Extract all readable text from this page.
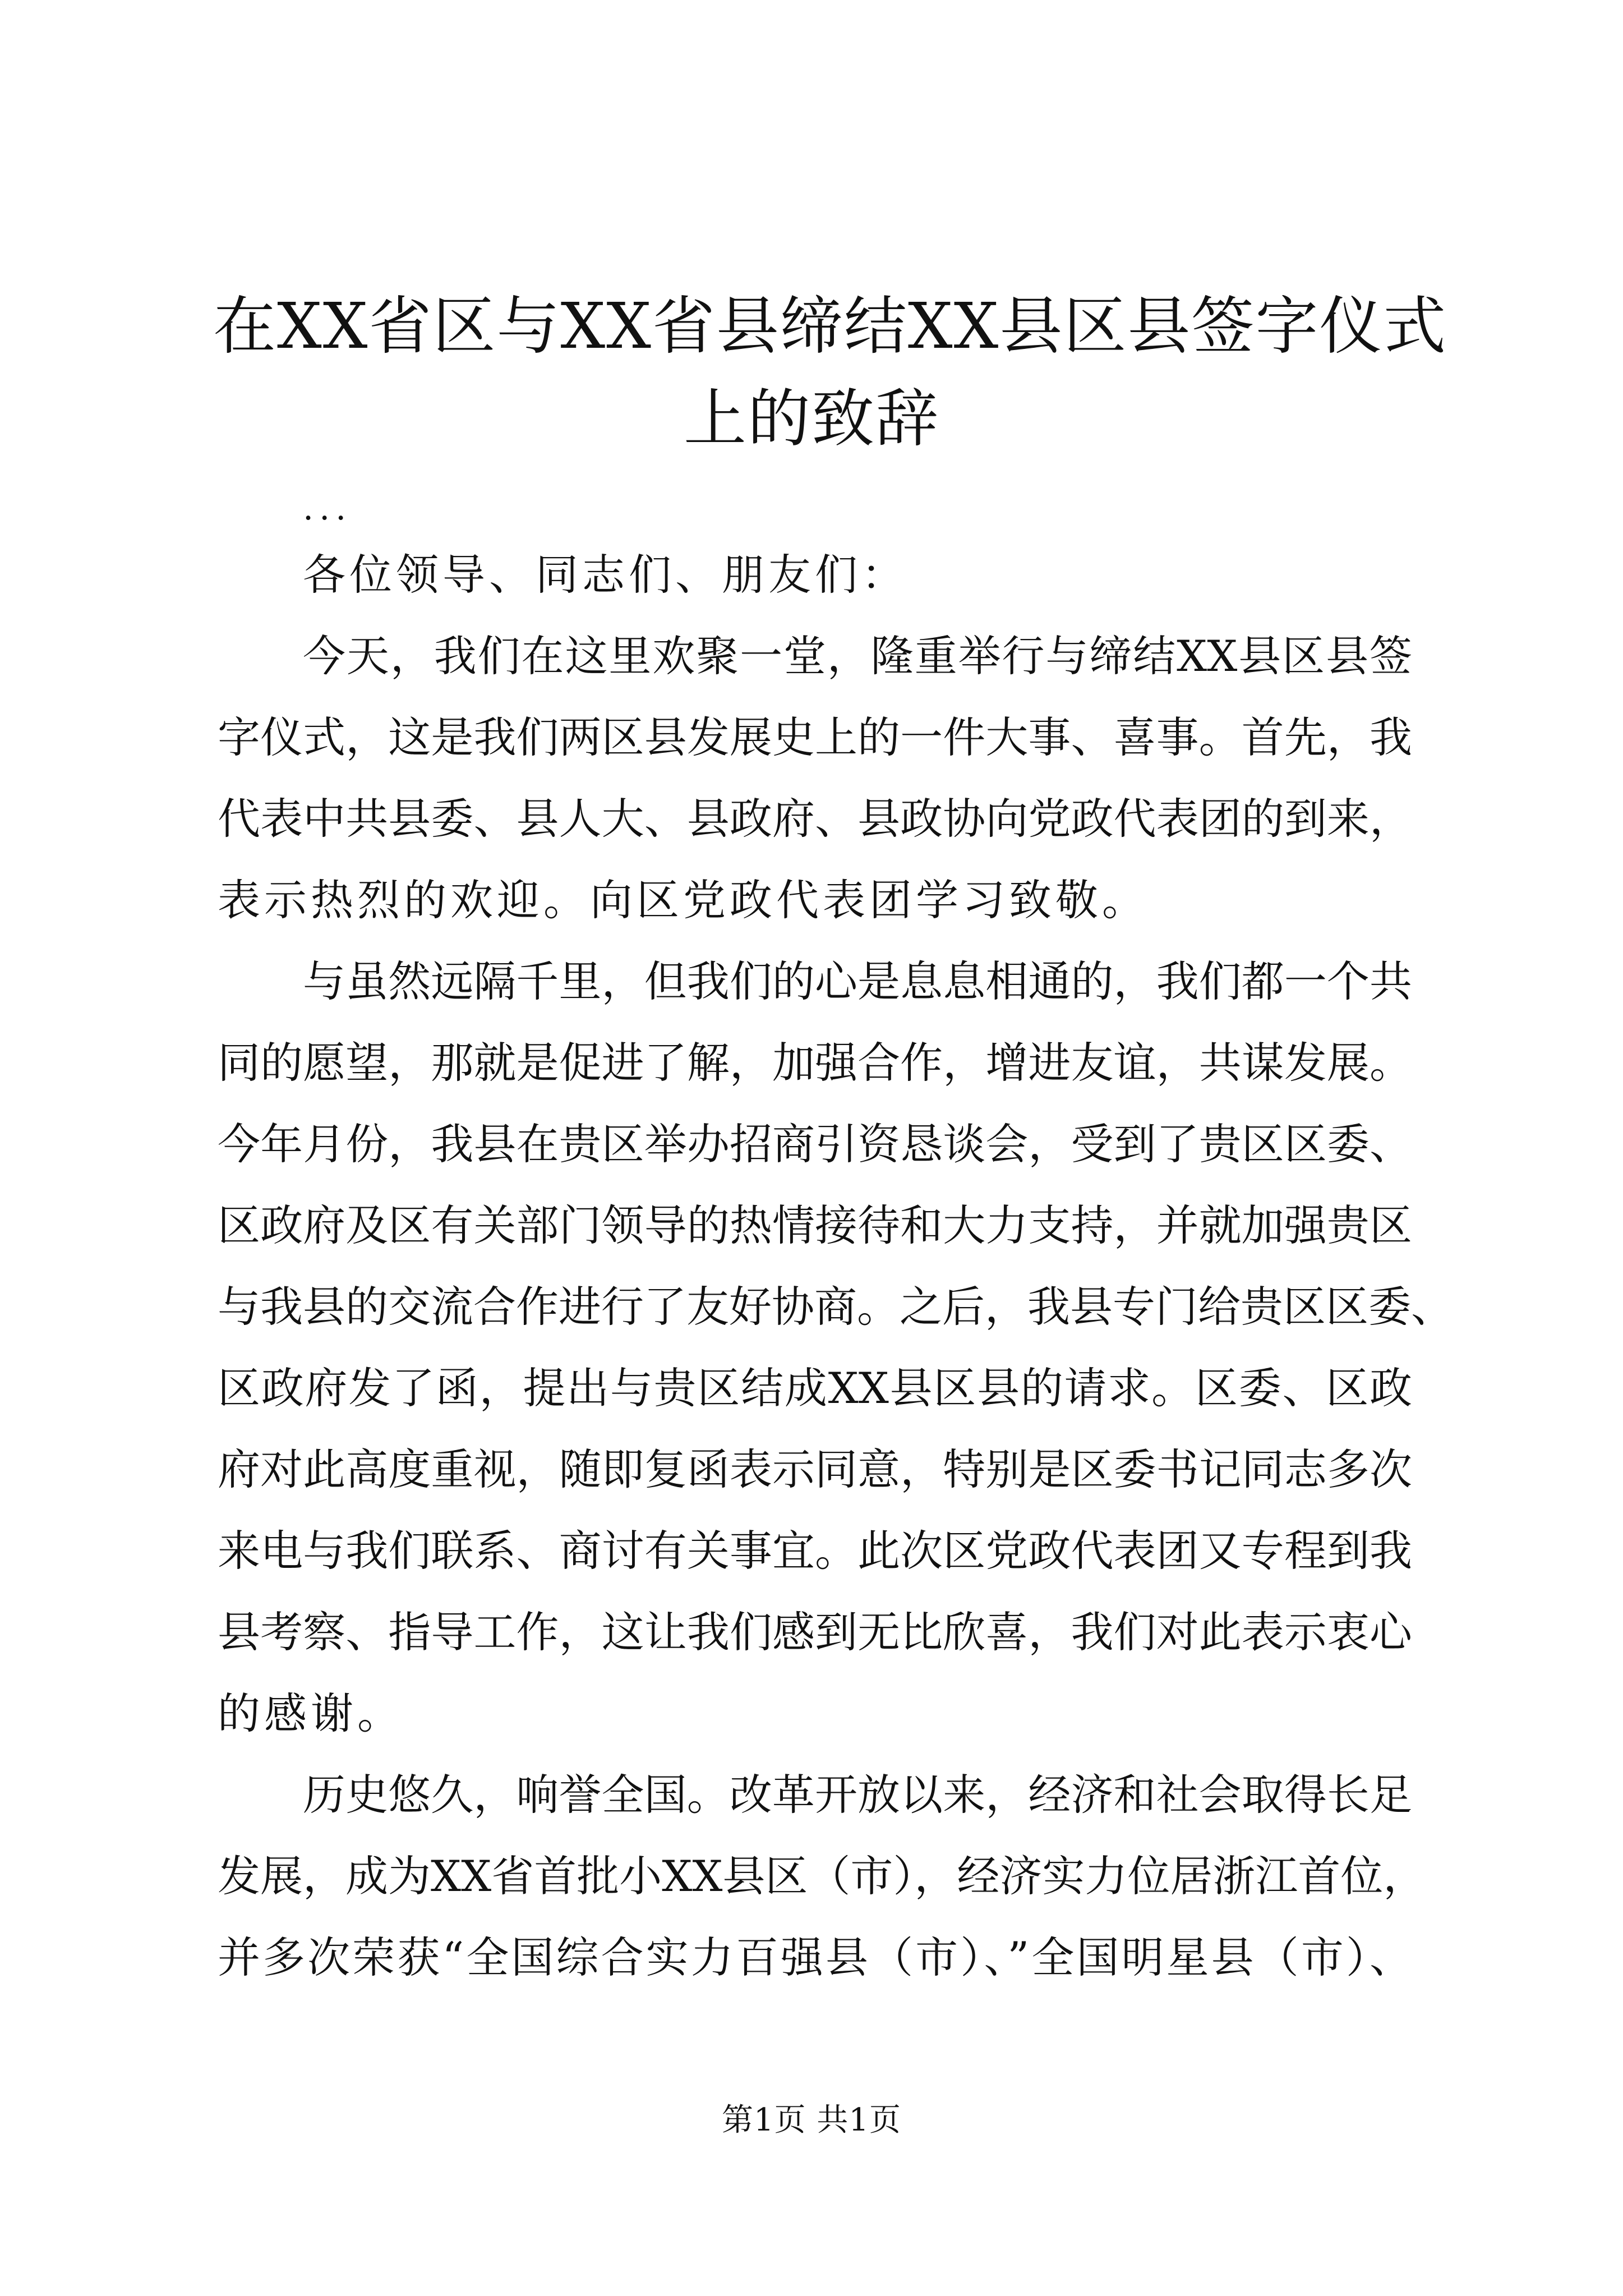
在XX省区与XX省县缔结XX县区县签字仪式
上的致辞
...
各位领导、同志们、朋友们：
今天，我们在这里欢聚一堂，隆重举行与缔结XX县区县签
字仪式，这是我们两区县发展史上的一件大事、喜事。首先，我
代表中共县委、县人大、县政府、县政协向党政代表团的到来，
表示热烈的欢迎。向区党政代表团学习致敬。
与虽然远隔千里，但我们的心是息息相通的，我们都一个共
同的愿望，那就是促进了解，加强合作，增进友谊，共谋发展。
今年月份，我县在贵区举办招商引资恳谈会，受到了贵区区委、
区政府及区有关部门领导的热情接待和大力支持，并就加强贵区
与我县的交流合作进行了友好协商。之后，我县专门给贵区区委、
区政府发了函，提出与贵区结成XX县区县的请求。区委、区政
府对此高度重视，随即复函表示同意，特别是区委书记同志多次
来电与我们联系、商讨有关事宜。此次区党政代表团又专程到我
县考察、指导工作，这让我们感到无比欣喜，我们对此表示衷心
的感谢。
历史悠久，响誉全国。改革开放以来，经济和社会取得长足
发展，成为XX省首批小XX县区（市），经济实力位居浙江首位，
并多次荣获“全国综合实力百强县（市）、”全国明星县（市）、
第1页 共1页
